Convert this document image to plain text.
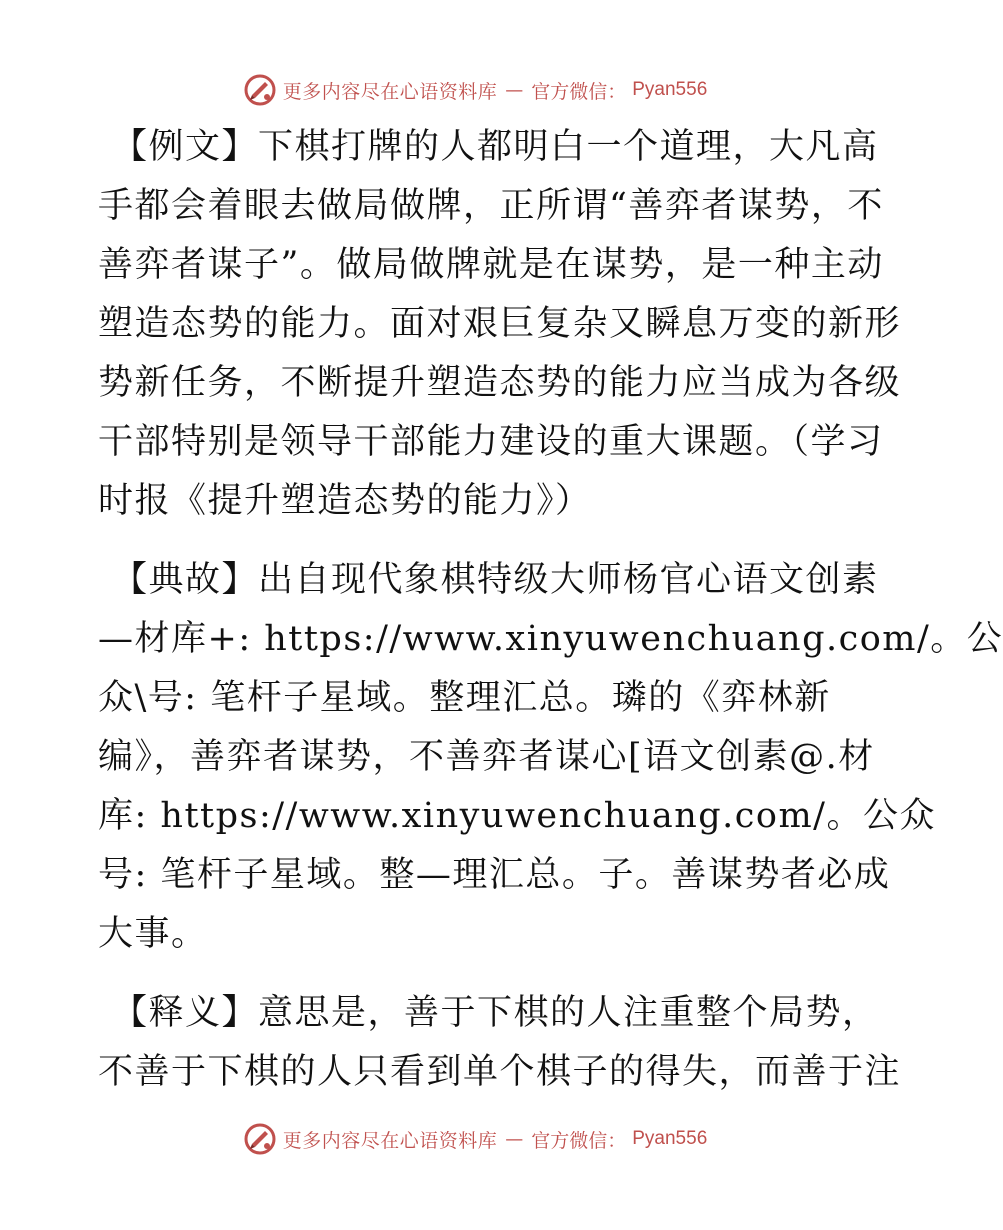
更多内容尽在心语资料库 — 官方微信： Pyan556
【例文】下棋打牌的人都明白一个道理，大凡高
手都会着眼去做局做牌，正所谓“善弈者谋势，不
善弈者谋子”。做局做牌就是在谋势，是一种主动
塑造态势的能力。面对艰巨复杂又瞬息万变的新形
势新任务，不断提升塑造态势的能力应当成为各级
干部特别是领导干部能力建设的重大课题。（学习
时报《提升塑造态势的能力》）
【典故】出自现代象棋特级大师杨官心语文创素
—材库+: https://www.xinyuwenchuang.com/。公
众\号: 笔杆子星域。整理汇总。璘的《弈林新
编》，善弈者谋势，不善弈者谋心[语文创素@.材
库: https://www.xinyuwenchuang.com/。公众
号: 笔杆子星域。整—理汇总。子。善谋势者必成
大事。
【释义】意思是，善于下棋的人注重整个局势，
不善于下棋的人只看到单个棋子的得失，而善于注
更多内容尽在心语资料库 — 官方微信： Pyan556
